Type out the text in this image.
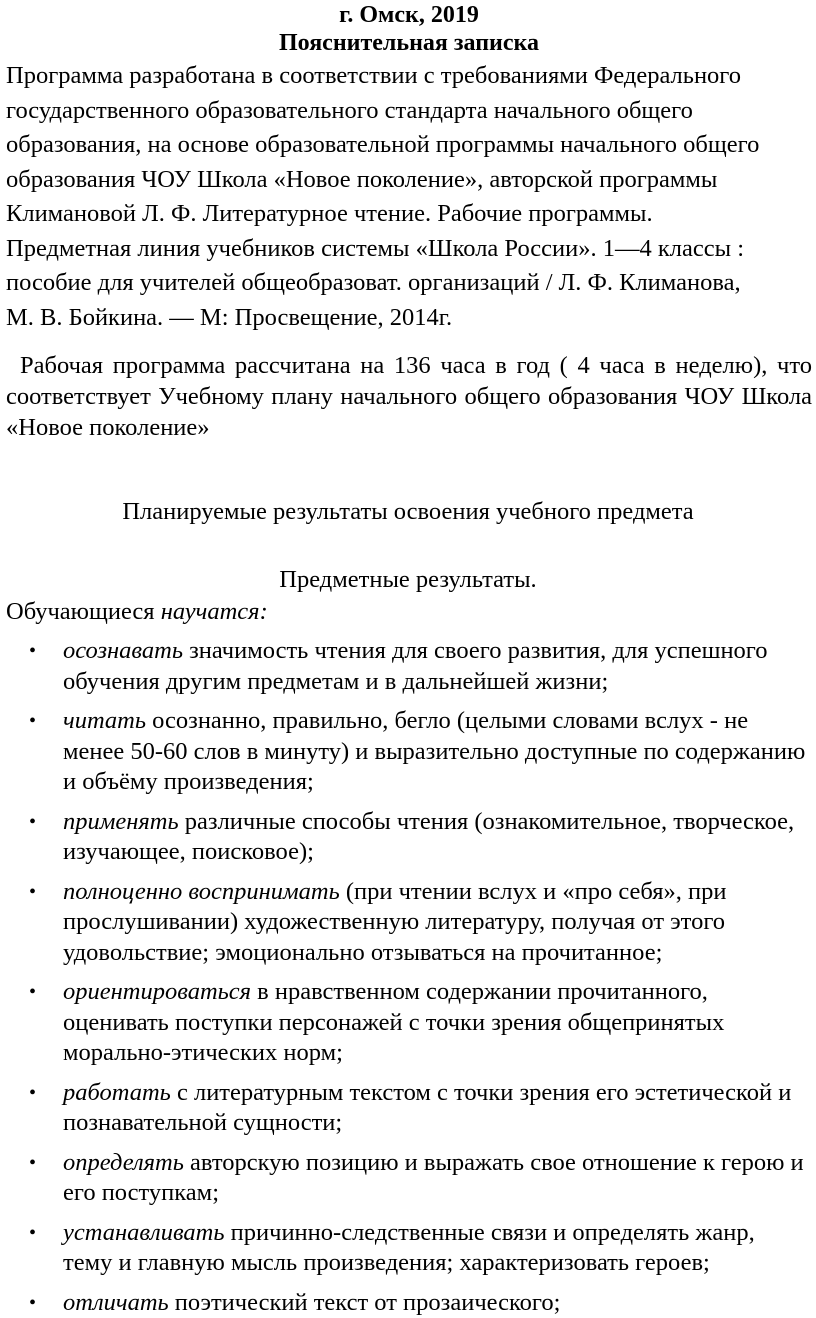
г. Омск, 2019
Пояснительная записка

Программа разработана в соответствии с требованиями Федерального государственного образовательного стандарта начального общего образования, на основе образовательной программы начального общего образования ЧОУ Школа «Новое поколение», авторской программы Климановой Л. Ф. Литературное чтение. Рабочие программы. Предметная линия учебников системы «Школа России». 1—4 классы : пособие для учителей общеобразоват. организаций / Л. Ф. Климанова, М. В. Бойкина. — М: Просвещение, 2014г.

Рабочая программа рассчитана на 136 часа в год ( 4 часа в неделю), что соответствует Учебному плану начального общего образования ЧОУ Школа «Новое поколение»

Планируемые результаты освоения учебного предмета

Предметные результаты.

Обучающиеся научатся:

• осознавать значимость чтения для своего развития, для успешного обучения другим предметам и в дальнейшей жизни;
• читать осознанно, правильно, бегло (целыми словами вслух - не менее 50-60 слов в минуту) и выразительно доступные по содержанию и объёму произведения;
• применять различные способы чтения (ознакомительное, творческое, изучающее, поисковое);
• полноценно воспринимать (при чтении вслух и «про себя», при прослушивании) художественную литературу, получая от этого удовольствие; эмоционально отзываться на прочитанное;
• ориентироваться в нравственном содержании прочитанного, оценивать поступки персонажей с точки зрения общепринятых морально-этических норм;
• работать с литературным текстом с точки зрения его эстетической и познавательной сущности;
• определять авторскую позицию и выражать свое отношение к герою и его поступкам;
• устанавливать причинно-следственные связи и определять жанр, тему и главную мысль произведения; характеризовать героев;
• отличать поэтический текст от прозаического;
